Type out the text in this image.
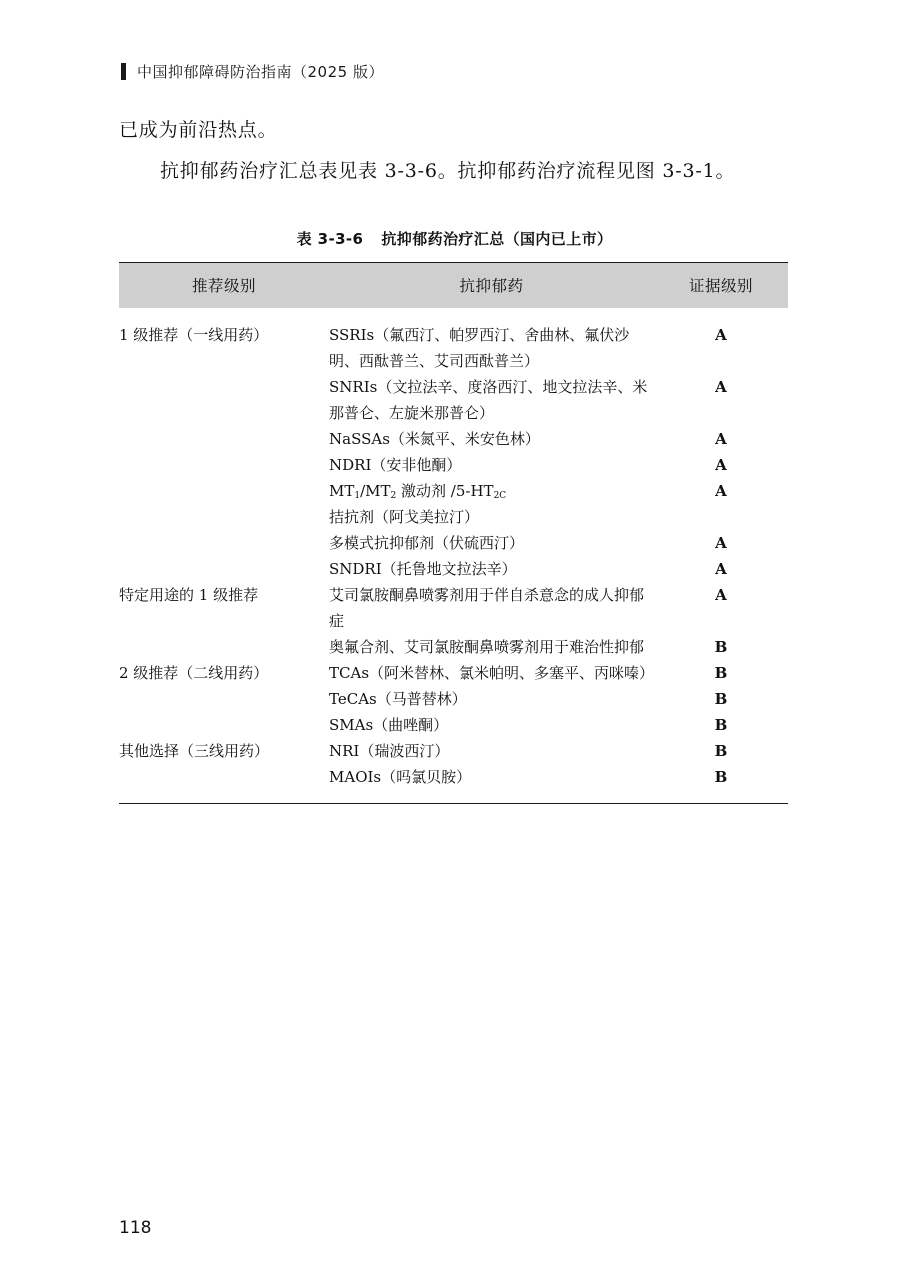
中国抑郁障碍防治指南（2025 版）
已成为前沿热点。
抗抑郁药治疗汇总表见表 3-3-6。抗抑郁药治疗流程见图 3-3-1。
表 3-3-6 抗抑郁药治疗汇总（国内已上市）
推荐级别	抗抑郁药	证据级别
1 级推荐（一线用药）	SSRIs（氟西汀、帕罗西汀、舍曲林、氟伏沙明、西酞普兰、艾司西酞普兰）	A
	SNRIs（文拉法辛、度洛西汀、地文拉法辛、米那普仑、左旋米那普仑）	A
	NaSSAs（米氮平、米安色林）	A
	NDRI（安非他酮）	A
	$MT_1/MT_2$ 激动剂 $/5-HT_{2C}$ 拮抗剂（阿戈美拉汀）	A
	多模式抗抑郁剂（伏硫西汀）	A
	SNDRI（托鲁地文拉法辛）	A
特定用途的 1 级推荐	艾司氯胺酮鼻喷雾剂用于伴自杀意念的成人抑郁症	A
	奥氟合剂、艾司氯胺酮鼻喷雾剂用于难治性抑郁	B
2 级推荐（二线用药）	TCAs（阿米替林、氯米帕明、多塞平、丙咪嗪）	B
	TeCAs（马普替林）	B
	SMAs（曲唑酮）	B
其他选择（三线用药）	NRI（瑞波西汀）	B
	MAOIs（吗氯贝胺）	B
118
